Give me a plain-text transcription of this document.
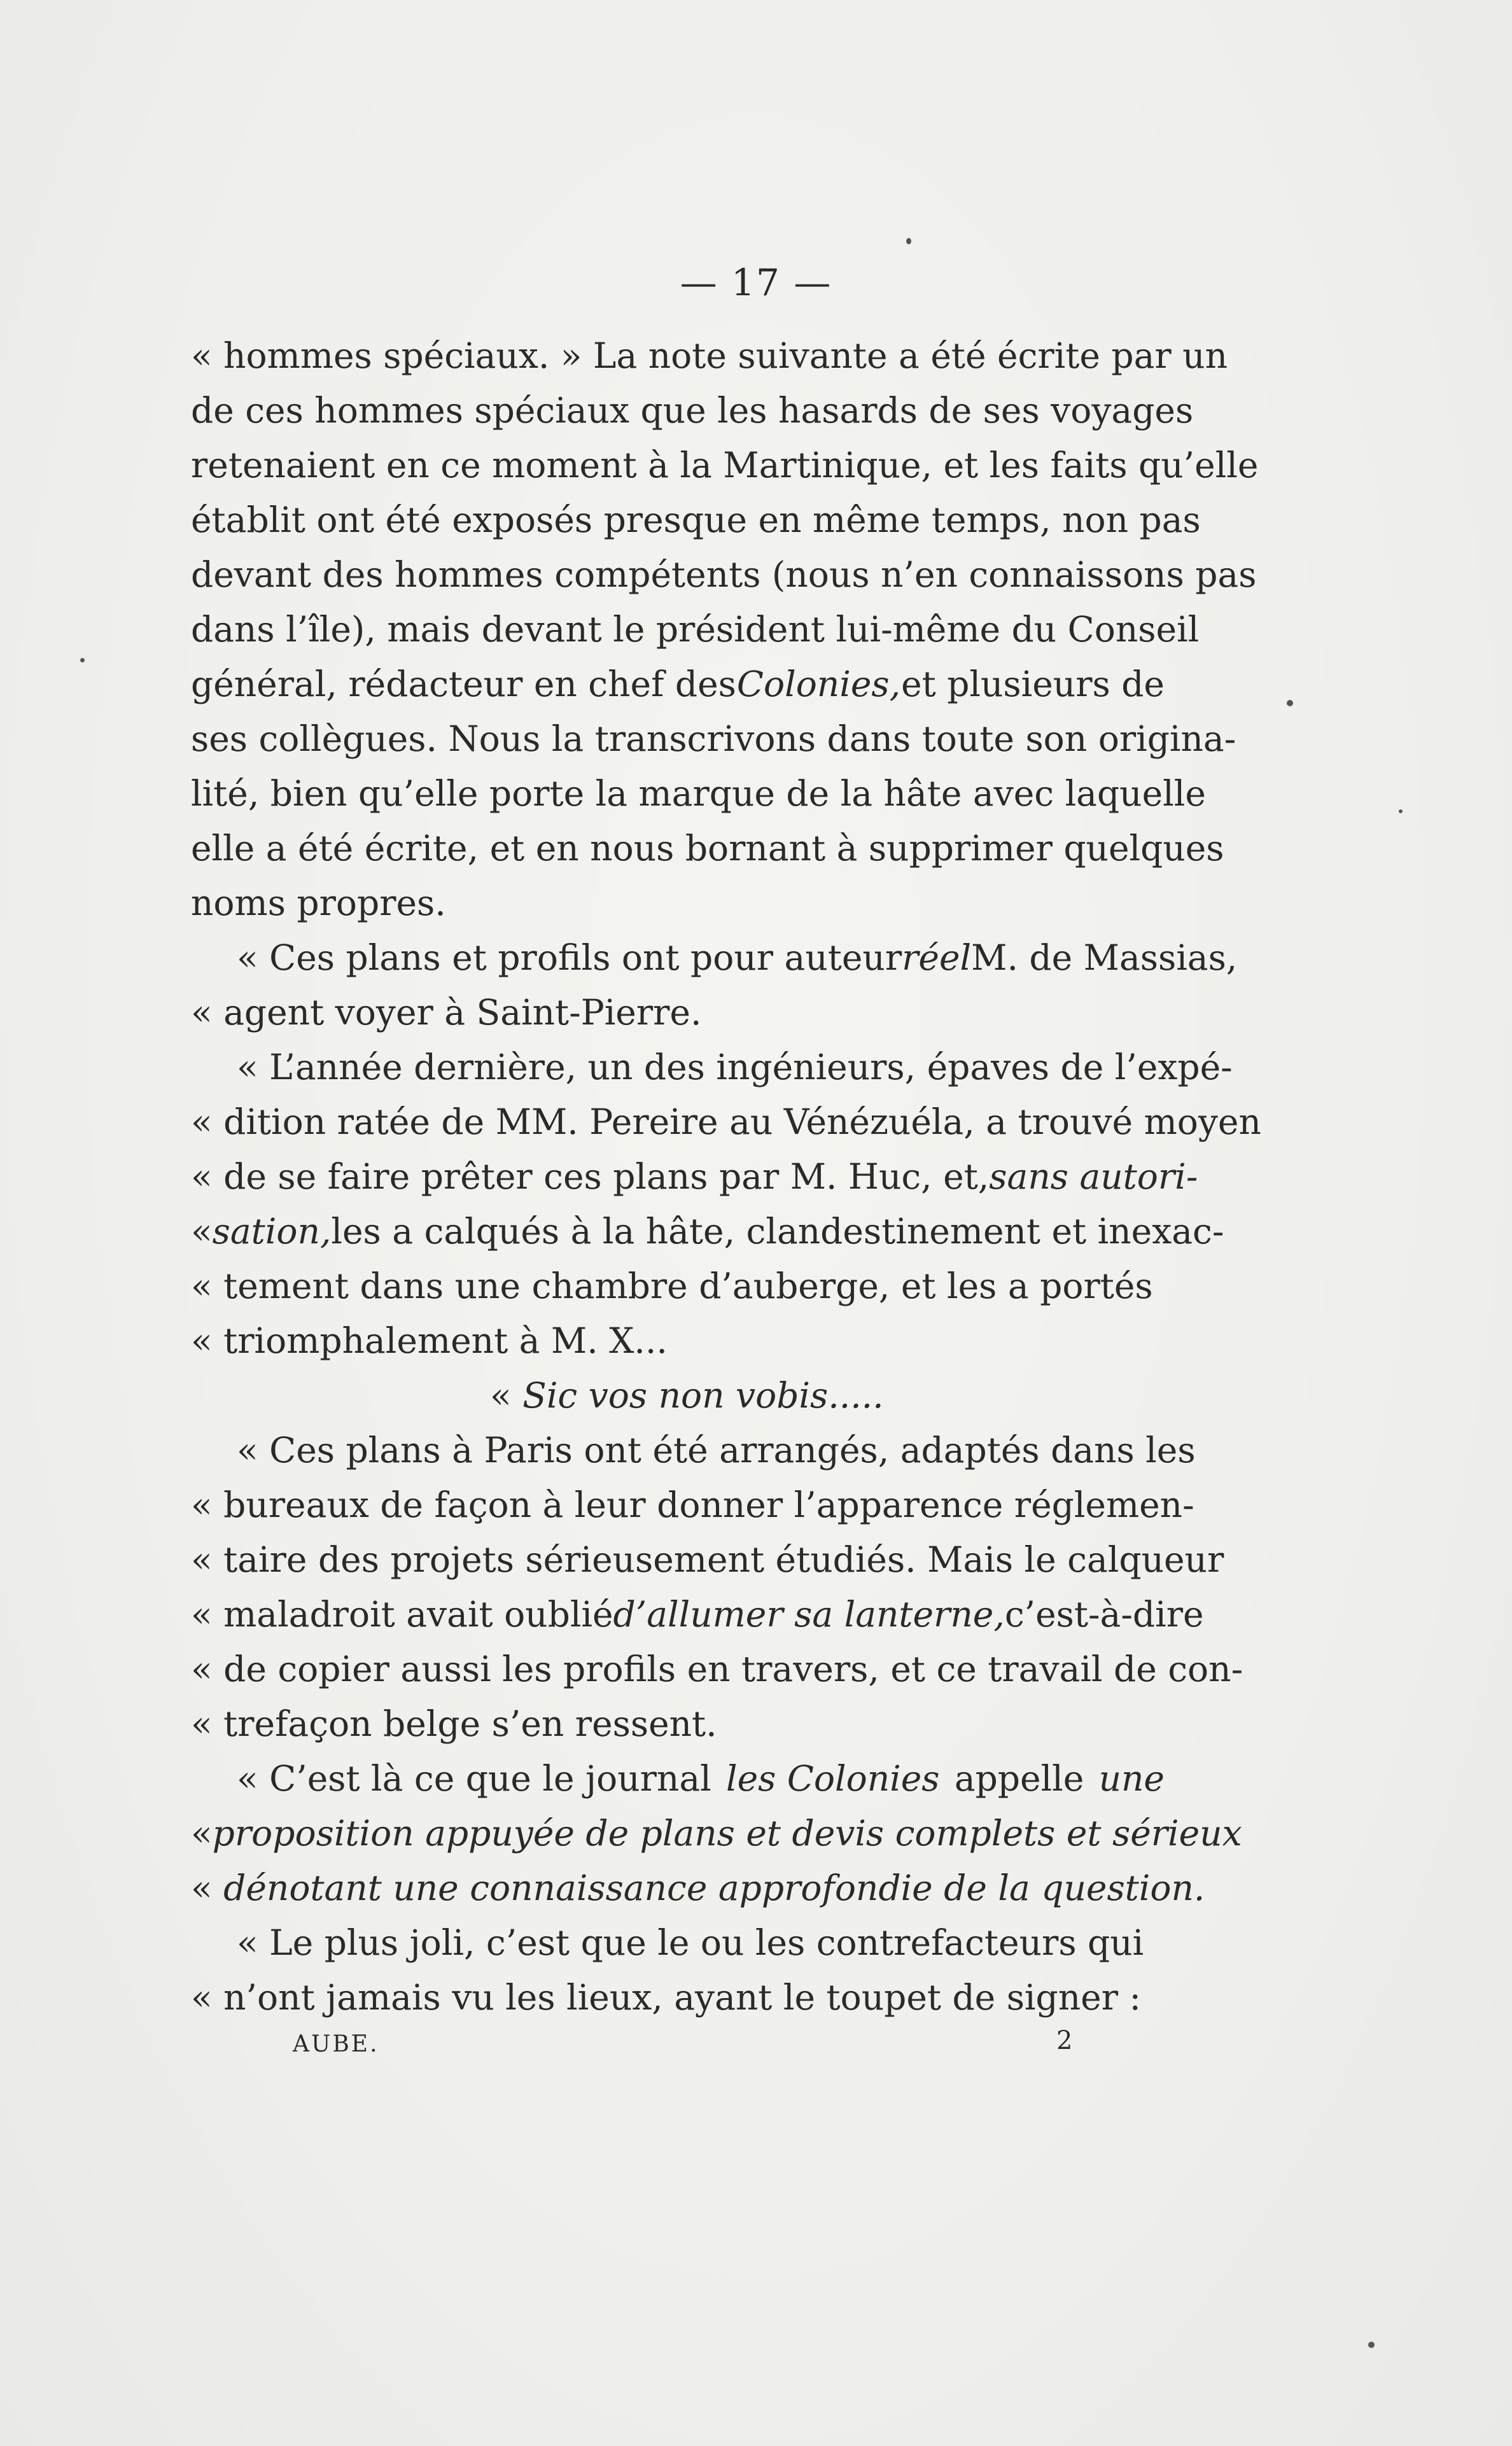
— 17 —
« hommes spéciaux. » La note suivante a été écrite par un
de ces hommes spéciaux que les hasards de ses voyages
retenaient en ce moment à la Martinique, et les faits qu’elle
établit ont été exposés presque en même temps, non pas
devant des hommes compétents (nous n’en connaissons pas
dans l’île), mais devant le président lui-même du Conseil
général, rédacteur en chef des Colonies, et plusieurs de
ses collègues. Nous la transcrivons dans toute son origina-
lité, bien qu’elle porte la marque de la hâte avec laquelle
elle a été écrite, et en nous bornant à supprimer quelques
noms propres.
« Ces plans et profils ont pour auteur réel M. de Massias,
« agent voyer à Saint-Pierre.
« L’année dernière, un des ingénieurs, épaves de l’expé-
« dition ratée de MM. Pereire au Vénézuéla, a trouvé moyen
« de se faire prêter ces plans par M. Huc, et, sans autori-
« sation, les a calqués à la hâte, clandestinement et inexac-
« tement dans une chambre d’auberge, et les a portés
« triomphalement à M. X...
«
Sic vos non vobis.....
« Ces plans à Paris ont été arrangés, adaptés dans les
« bureaux de façon à leur donner l’apparence réglemen-
« taire des projets sérieusement étudiés. Mais le calqueur
« maladroit avait oublié d’allumer sa lanterne, c’est-à-dire
« de copier aussi les profils en travers, et ce travail de con-
« trefaçon belge s’en ressent.
« C’est là ce que le journal les Colonies appelle une
« proposition appuyée de plans et devis complets et sérieux
«
dénotant une connaissance approfondie de la question.
« Le plus joli, c’est que le ou les contrefacteurs qui
« n’ont jamais vu les lieux, ayant le toupet de signer :
AUBE.	2
